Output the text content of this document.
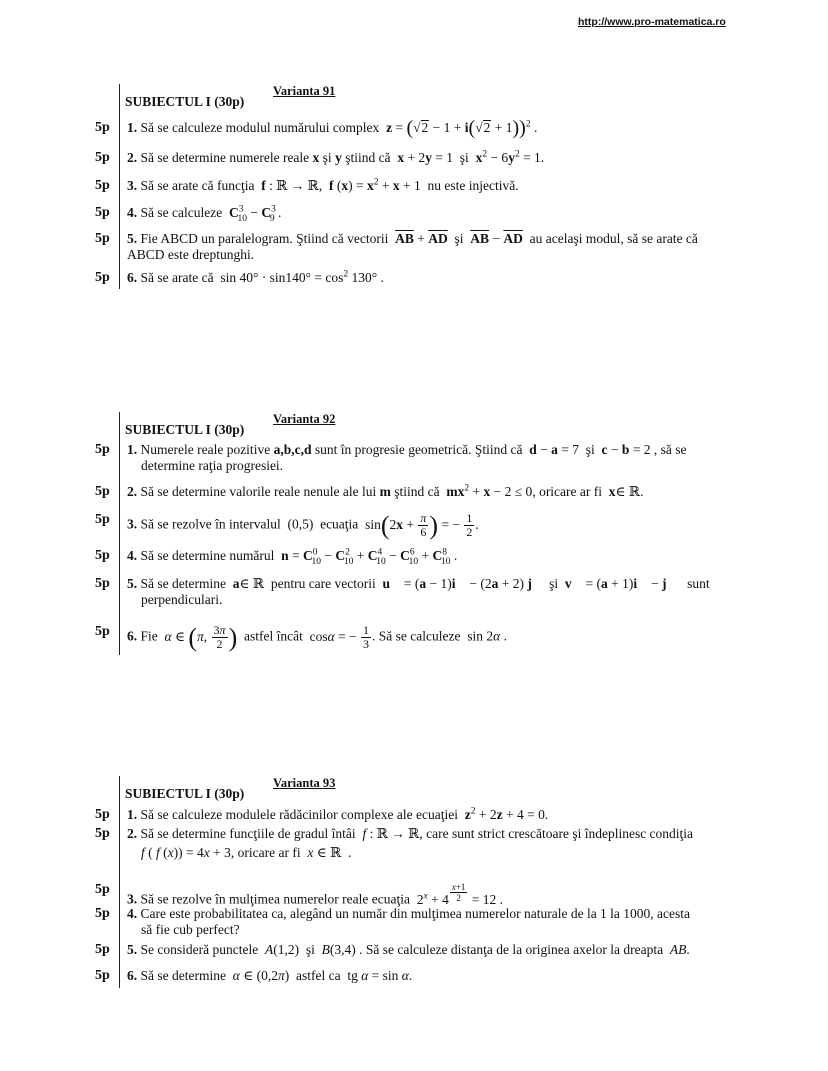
http://www.pro-matematica.ro
SUBIECTUL I (30p)
Varianta 91
5p 1. Să se calculeze modulul numărului complex $z = (√2 - 1 + i(√2 + 1))^2$ .
5p 2. Să se determine numerele reale x şi y ştiind că x + 2y = 1  şi  $x^2 - 6y^2 = 1$.
5p 3. Să se arate că funcţia f : ℝ → ℝ,  f $(x) = x^2 + x + 1$  nu este injectivă.
5p 4. Să se calculeze $C^3_{10} - C^3_9$ .
5p 5. Fie ABCD un paralelogram. Ştiind că vectorii $\overline{AB} + \overline{AD}$  şi  $\overline{AB} - \overline{AD}$ au acelaşi modul, să se arate că
ABCD este dreptunghi.
5p 6. Să se arate că  $\sin 40^\circ \cdot \sin 140^\circ = \cos^2 130^\circ$ .
SUBIECTUL I (30p)
Varianta 92
5p 1. Numerele reale pozitive a,b,c,d sunt în progresie geometrică. Ştiind că d − a = 7  şi  c − b = 2 , să se
determine raţia progresiei.
5p 2. Să se determine valorile reale nenule ale lui m ştiind că $mx^2 + x - 2 \le 0$, oricare ar fi x∈ ℝ.
5p 3. Să se rezolve în intervalul  (0,5)  ecuaţia  $\sin(2x + \frac{\pi}{6}$ ) = − $\frac{1}{2}$ .
5p 4. Să se determine numărul $n = C^0_{10} - C^2_{10} + C^4_{10} - C^6_{10} + C^8_{10}$ .
5p 5. Să se determine a∈ ℝ  pentru care vectorii u⃗ = (a − 1)i⃗ − (2a + 2) j⃗  şi  v⃗ = (a + 1)i⃗ − j⃗ sunt
perpendiculari.
5p 6. Fie α ∈ (π, $\frac{3\pi}{2}$ ) astfel încât  cosα = − $\frac{1}{3}$ . Să se calculeze  sin 2α .
SUBIECTUL I (30p)
Varianta 93
5p 1. Să se calculeze modulele rădăcinilor complexe ale ecuaţiei $z^2 + 2z + 4 = 0$.
5p 2. Să se determine funcţiile de gradul întâi f : ℝ → ℝ, care sunt strict crescătoare şi îndeplinesc condiţia
f ( f (x)) = 4x + 3, oricare ar fi x ∈ ℝ  .
5p
3. Să se rezolve în mulţimea numerelor reale ecuaţia  $2^x + 4$ $^{\frac{x+1}{2}}$ = 12 .
5p 4. Care este probabilitatea ca, alegând un număr din mulţimea numerelor naturale de la 1 la 1000, acesta
să fie cub perfect?
5p 5. Se consideră punctele A(1,2)  şi B(3,4) . Să se calculeze distanţa de la originea axelor la dreapta AB.
5p 6. Să se determine α ∈ (0,2π)  astfel ca  tg α = sin α.
